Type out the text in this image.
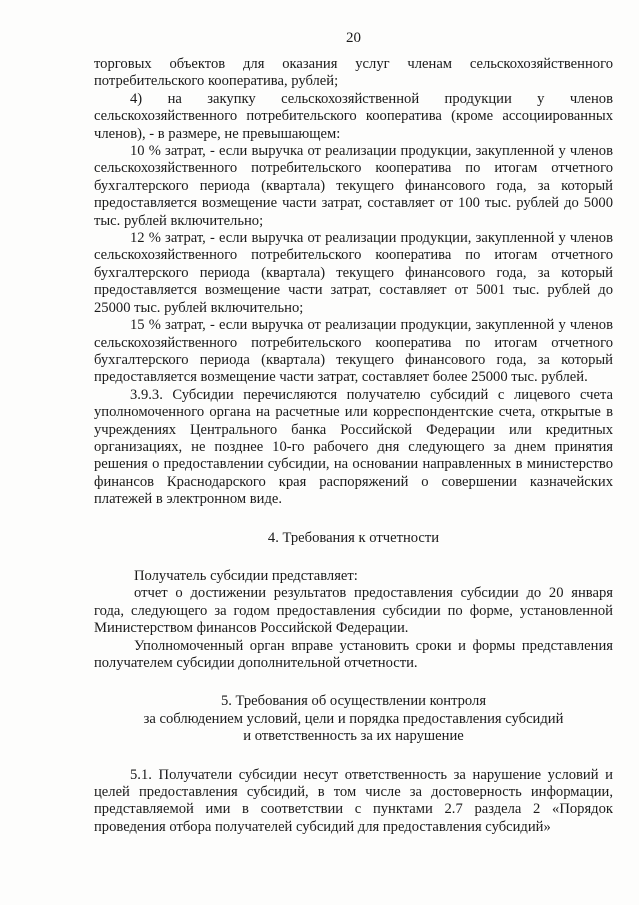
20

торговых объектов для оказания услуг членам сельскохозяйственного потребительского кооператива, рублей;

4) на закупку сельскохозяйственной продукции у членов сельскохозяйственного потребительского кооператива (кроме ассоциированных членов), - в размере, не превышающем:

10 % затрат, - если выручка от реализации продукции, закупленной у членов сельскохозяйственного потребительского кооператива по итогам отчетного бухгалтерского периода (квартала) текущего финансового года, за который предоставляется возмещение части затрат, составляет от 100 тыс. рублей до 5000 тыс. рублей включительно;

12 % затрат, - если выручка от реализации продукции, закупленной у членов сельскохозяйственного потребительского кооператива по итогам отчетного бухгалтерского периода (квартала) текущего финансового года, за который предоставляется возмещение части затрат, составляет от 5001 тыс. рублей до 25000 тыс. рублей включительно;

15 % затрат, - если выручка от реализации продукции, закупленной у членов сельскохозяйственного потребительского кооператива по итогам отчетного бухгалтерского периода (квартала) текущего финансового года, за который предоставляется возмещение части затрат, составляет более 25000 тыс. рублей.

3.9.3. Субсидии перечисляются получателю субсидий с лицевого счета уполномоченного органа на расчетные или корреспондентские счета, открытые в учреждениях Центрального банка Российской Федерации или кредитных организациях, не позднее 10-го рабочего дня следующего за днем принятия решения о предоставлении субсидии, на основании направленных в министерство финансов Краснодарского края распоряжений о совершении казначейских платежей в электронном виде.

4. Требования к отчетности

Получатель субсидии представляет:

отчет о достижении результатов предоставления субсидии до 20 января года, следующего за годом предоставления субсидии по форме, установленной Министерством финансов Российской Федерации.

Уполномоченный орган вправе установить сроки и формы представления получателем субсидии дополнительной отчетности.

5. Требования об осуществлении контроля
за соблюдением условий, цели и порядка предоставления субсидий
и ответственность за их нарушение

5.1. Получатели субсидии несут ответственность за нарушение условий и целей предоставления субсидий, в том числе за достоверность информации, представляемой ими в соответствии с пунктами 2.7 раздела 2 «Порядок проведения отбора получателей субсидий для предоставления субсидий»
